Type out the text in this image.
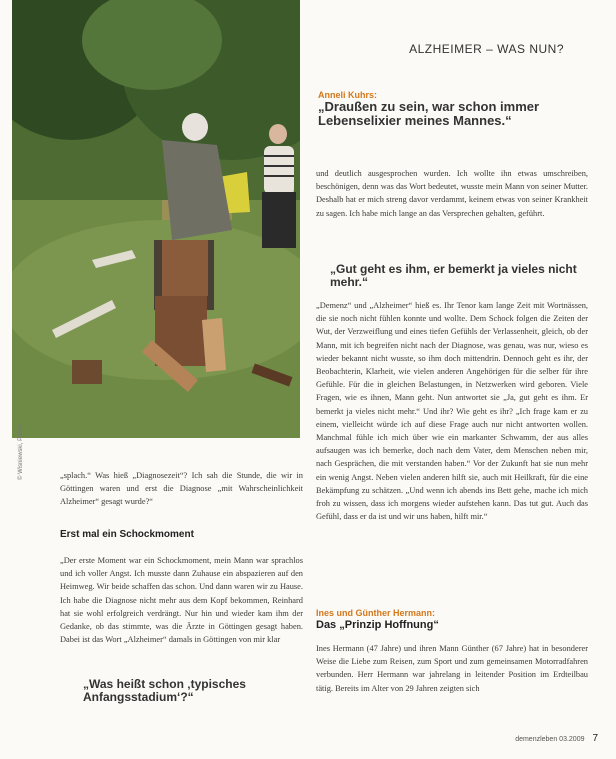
ALZHEIMER – WAS NUN?
Anneli Kuhrs:
„Draußen zu sein, war schon immer Lebenselixier meines Mannes.“

und deutlich ausgesprochen wurden. Ich wollte ihn etwas umschreiben, beschönigen, denn was das Wort bedeutet, wusste mein Mann von seiner Mutter. Deshalb hat er mich streng davor verdammt, keinem etwas von seiner Krankheit zu sagen. Ich habe mich lange an das Versprechen gehalten, geführt.

„Gut geht es ihm, er bemerkt ja vieles nicht mehr.“

„Demenz“ und „Alzheimer“ hieß es. Ihr Tenor kam lange Zeit mit Wortnässen, die sie noch nicht fühlen konnte und wollte. Dem Schock folgen die Zeiten der Wut, der Verzweiflung und eines tiefen Gefühls der Verlassenheit, gleich, ob der Mann, mit ich begreifen nicht nach der Diagnose, was genau, was nur, wieso es wieder bekannt nicht wusste, so ihm doch mittendrin. Dennoch geht es ihr, der Beobachterin, Klarheit, wie vielen anderen Angehörigen für die selber für ihre Gefühle. Für die in gleichen Belastungen, in Netzwerken wird geboren. Viele Fragen, wie es ihnen, Mann geht. Nun antwortet sie „Ja, gut geht es ihm. Er bemerkt ja vieles nicht mehr.“ Und ihr? Wie geht es ihr? „Ich frage kam er zu einem, vielleicht würde ich auf diese Frage auch nur nicht antworten wollen. Manchmal fühle ich mich über wie ein markanter Schwamm, der aus alles aufsaugen was ich bemerke, doch nach dem Vater, dem Menschen neben mir, nach Gesprächen, die mit verstanden haben.“ Vor der Zukunft hat sie nun mehr ein wenig Angst. Neben vielen anderen hilft sie, auch mit Heilkraft, für die eine Bekämpfung zu schätzen. „Und wenn ich abends ins Bett gehe, mache ich mich froh zu wissen, dass ich morgens wieder aufstehen kann. Das tut gut. Auch das Gefühl, dass er da ist und wir uns haben, hilft mir.“

Ines und Günther Hermann:
Das „Prinzip Hoffnung“

Ines Hermann (47 Jahre) und ihren Mann Günther (67 Jahre) hat in besonderer Weise die Liebe zum Reisen, zum Sport und zum gemeinsamen Motorradfahren verbunden. Herr Hermann war jahrelang in leitender Position im Erdteilbau tätig. Bereits im Alter von 29 Jahren zeigten sich

© Wisniewski, Peters	„splach.“ Was hieß „Diagnosezeit“? Ich sah die Stunde, die wir in Göttingen waren und erst die Diagnose „mit Wahrscheinlichkeit Alzheimer“ gesagt wurde?“

Erst mal ein Schockmoment

„Der erste Moment war ein Schockmoment, mein Mann war sprachlos und ich voller Angst. Ich musste dann Zuhause ein abspazieren auf den Heimweg. Wir beide schaffen das schon. Und dann waren wir zu Hause. Ich habe die Diagnose nicht mehr aus dem Kopf bekommen, Reinhard hat sie wohl erfolgreich verdrängt. Nur hin und wieder kam ihm der Gedanke, ob das stimmte, was die Ärzte in Göttingen gesagt haben. Dabei ist das Wort „Alzheimer“ damals in Göttingen von mir klar

„Was heißt schon ‚typisches Anfangsstadium‘?“
demenzleben 03.2009 7
